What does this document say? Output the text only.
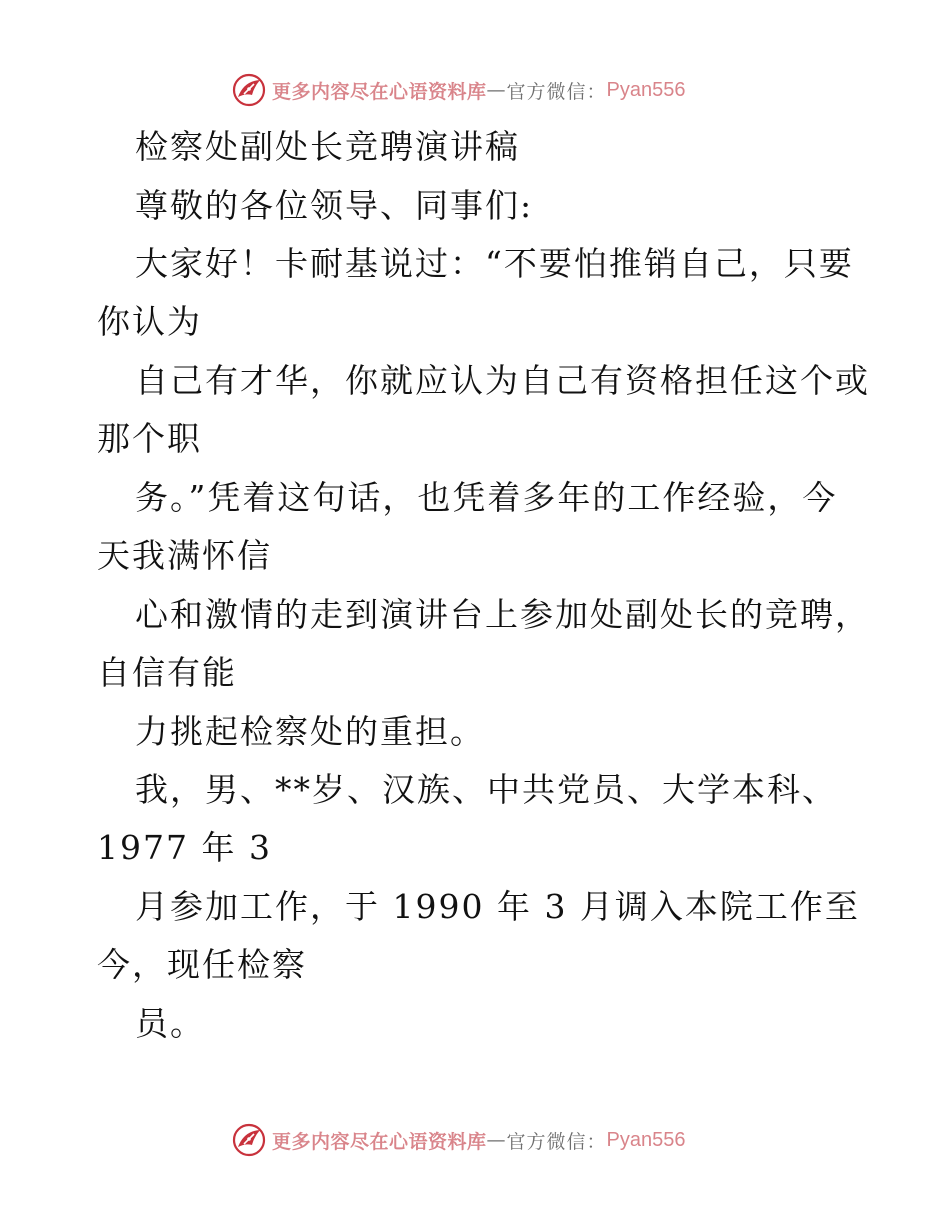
更多内容尽在心语资料库 — 官方微信： Pyan556
检察处副处长竞聘演讲稿
尊敬的各位领导、同事们:
大家好！卡耐基说过：“不要怕推销自己，只要
你认为
自己有才华，你就应认为自己有资格担任这个或
那个职
务。”凭着这句话，也凭着多年的工作经验，今
天我满怀信
心和激情的走到演讲台上参加处副处长的竞聘，
自信有能
力挑起检察处的重担。
我，男、**岁、汉族、中共党员、大学本科、
1977 年 3
月参加工作，于 1990 年 3 月调入本院工作至
今，现任检察
员。
更多内容尽在心语资料库 — 官方微信： Pyan556
